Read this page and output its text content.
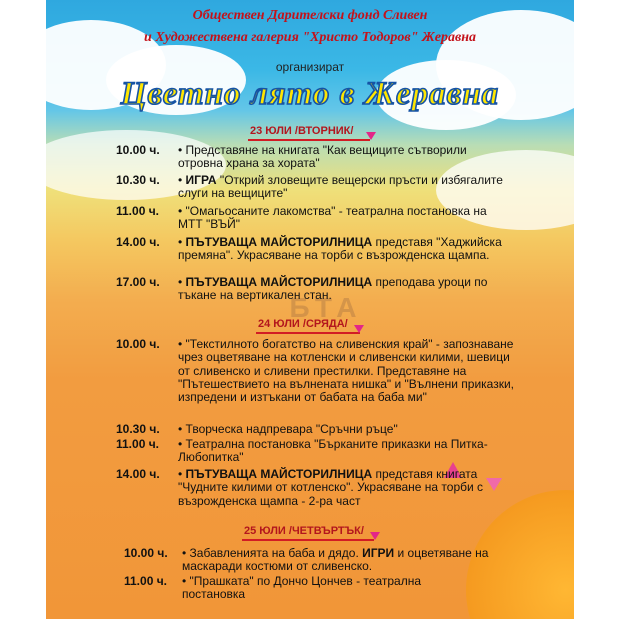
Обществен Дарителски фонд Сливен
и Художествена галерия "Христо Тодоров" Жеравна
организират
Цветно лято в Жеравна
БТА
23 ЮЛИ /ВТОРНИК/
10.00 ч. • Представяне на книгата "Как вещиците сътворили отровна храна за хората"
10.30 ч. • ИГРА "Открий зловещите вещерски пръсти и избягалите слуги на вещиците"
11.00 ч. • "Омагьосаните лакомства" - театрална постановка на МТТ "ВЪЙ"
14.00 ч. • ПЪТУВАЩА МАЙСТОРИЛНИЦА представя "Хаджийска премяна". Украсяване на торби с възрожденска щампа.
17.00 ч. • ПЪТУВАЩА МАЙСТОРИЛНИЦА преподава уроци по тъкане на вертикален стан.
24 ЮЛИ /СРЯДА/
10.00 ч. • "Текстилното богатство на сливенския край" - запознаване чрез оцветяване на котленски и сливенски килими, шевици от сливенско и сливени престилки. Представяне на "Пътешествието на вълнената нишка" и "Вълнени приказки, изпредени и изтъкани от бабата на баба ми"
10.30 ч. • Творческа надпревара "Сръчни ръце"
11.00 ч. • Театрална постановка "Бърканите приказки на Питка-Любопитка"
14.00 ч. • ПЪТУВАЩА МАЙСТОРИЛНИЦА представя книгата "Чудните килими от котленско". Украсяване на торби с възрожденска щампа - 2-ра част
25 ЮЛИ /ЧЕТВЪРТЪК/
10.00 ч. • Забавленията на баба и дядо. ИГРИ и оцветяване на маскаради костюми от сливенско.
11.00 ч. • "Прашката" по Дончо Цончев - театрална постановка
